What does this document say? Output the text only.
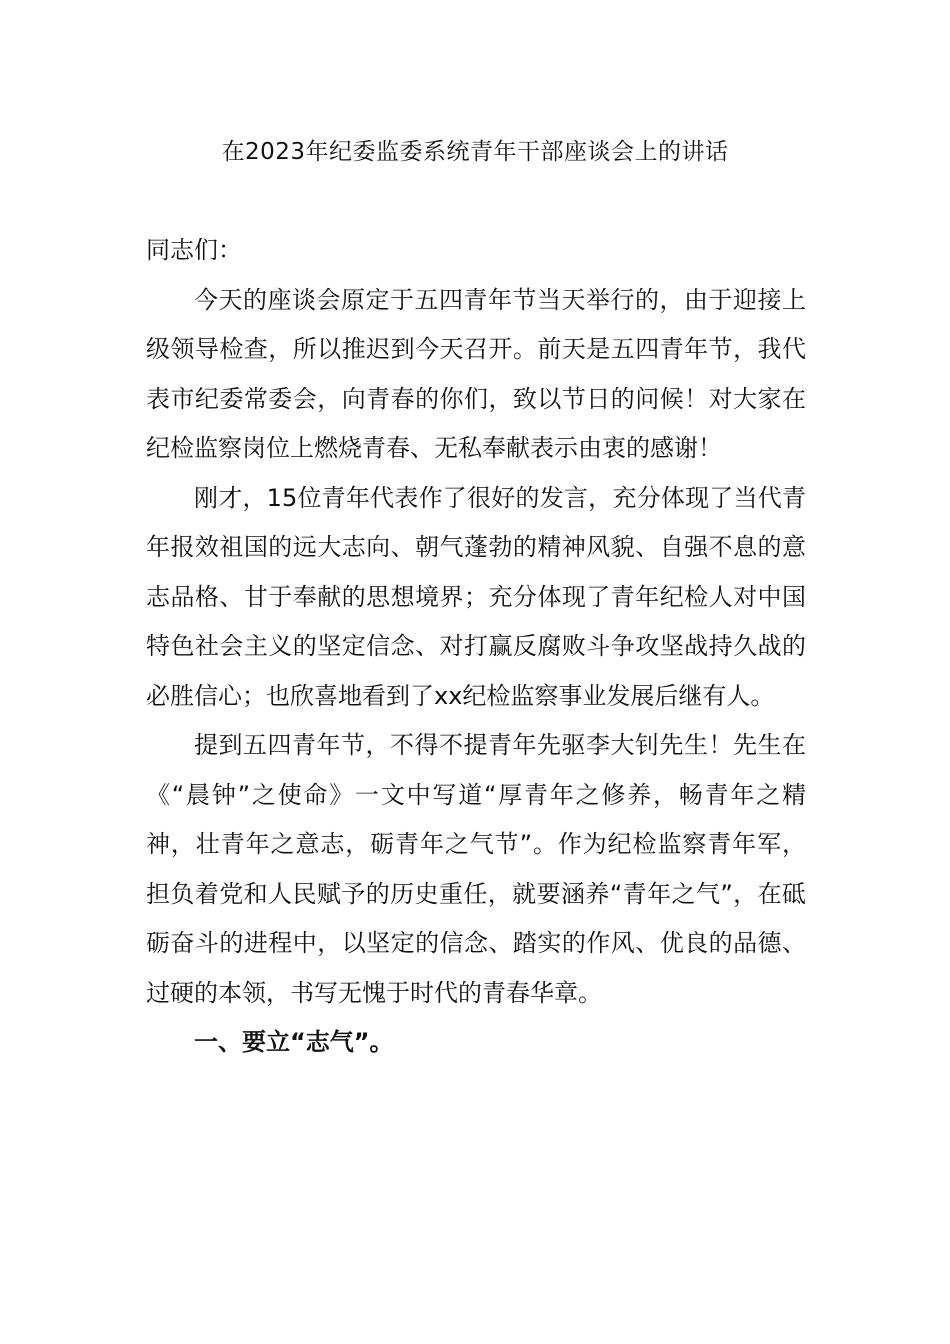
在2023年纪委监委系统青年干部座谈会上的讲话

同志们：

今天的座谈会原定于五四青年节当天举行的，由于迎接上级领导检查，所以推迟到今天召开。前天是五四青年节，我代表市纪委常委会，向青春的你们，致以节日的问候！对大家在纪检监察岗位上燃烧青春、无私奉献表示由衷的感谢！

刚才，15位青年代表作了很好的发言，充分体现了当代青年报效祖国的远大志向、朝气蓬勃的精神风貌、自强不息的意志品格、甘于奉献的思想境界；充分体现了青年纪检人对中国特色社会主义的坚定信念、对打赢反腐败斗争攻坚战持久战的必胜信心；也欣喜地看到了xx纪检监察事业发展后继有人。

提到五四青年节，不得不提青年先驱李大钊先生！先生在《“晨钟”之使命》一文中写道“厚青年之修养，畅青年之精神，壮青年之意志，砺青年之气节”。作为纪检监察青年军，担负着党和人民赋予的历史重任，就要涵养“青年之气”，在砥砺奋斗的进程中，以坚定的信念、踏实的作风、优良的品德、过硬的本领，书写无愧于时代的青春华章。

一、要立“志气”。
